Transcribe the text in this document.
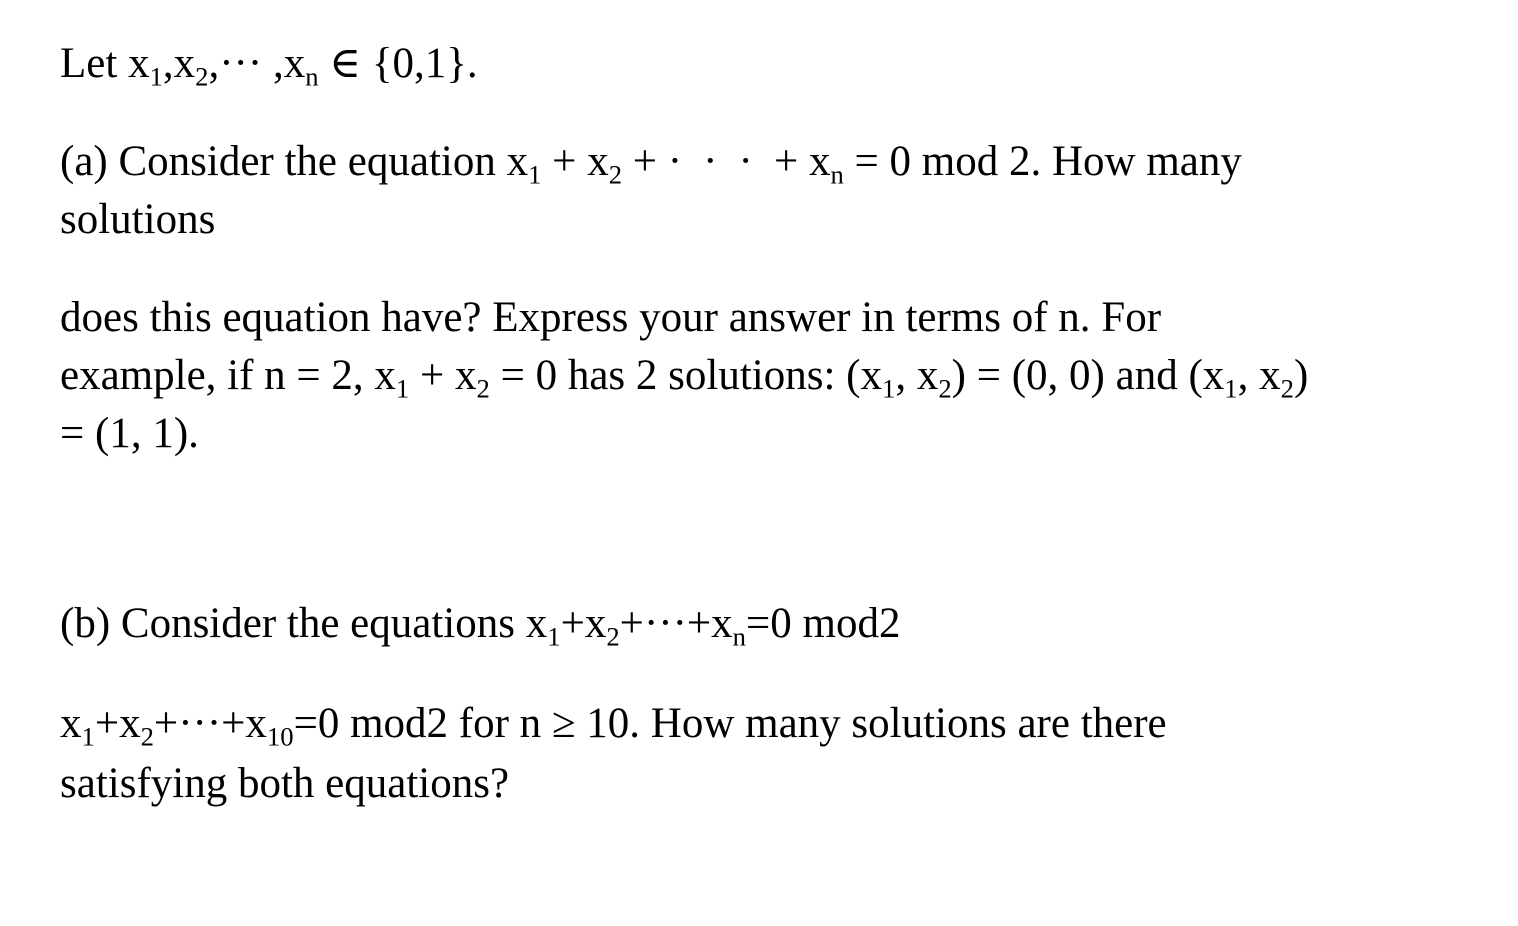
Let $x_1,x_2,\cdot\cdot\cdot ,x_n$ ∈ {0,1}.
(a) Consider the equation $x_1 + x_2$ + · · · + $x_n = 0$ mod 2. How many
solutions
does this equation have? Express your answer in terms of n. For
example, if n = 2, $x_1 + x_2 = 0$ has 2 solutions: ($x_1$, $x_2) = (0$, 0) and ($x_1$, $x_2$)
= (1, 1).
(b) Consider the equations $x_1+x_2+\cdot\cdot\cdot+x_n=0$ mod2
$x_1+x_2+\cdot\cdot\cdot+x_{10}=0$ mod2 for n ≥ 10. How many solutions are there
satisfying both equations?
